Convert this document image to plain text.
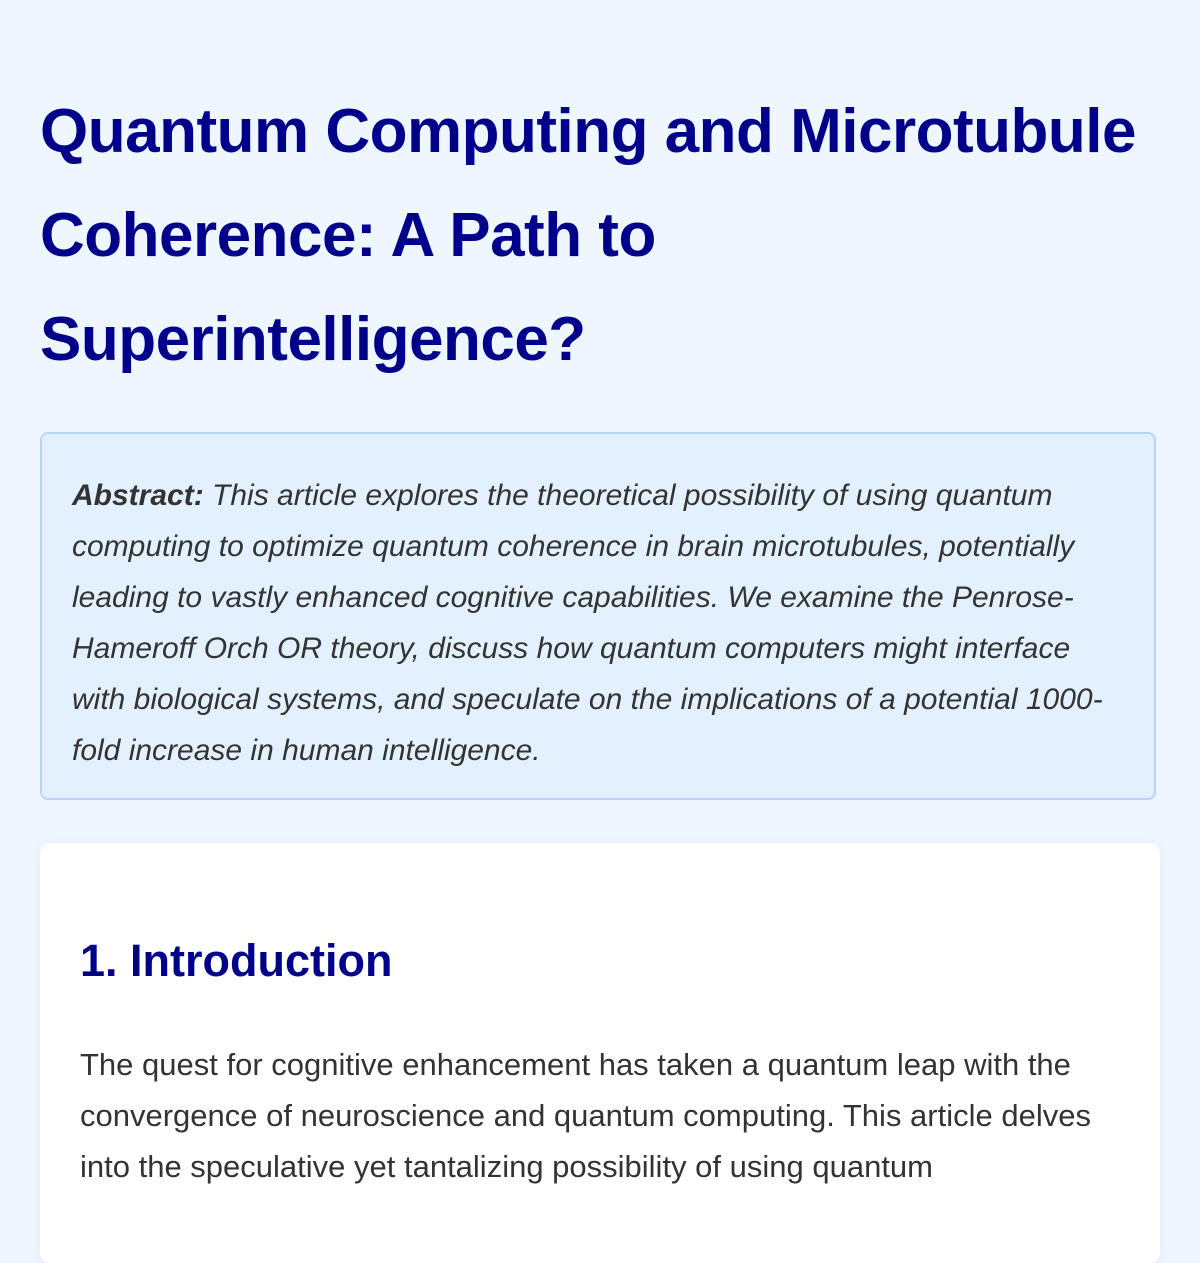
Quantum Computing and Microtubule Coherence: A Path to Superintelligence?
Abstract: This article explores the theoretical possibility of using quantum computing to optimize quantum coherence in brain microtubules, potentially leading to vastly enhanced cognitive capabilities. We examine the Penrose-Hameroff Orch OR theory, discuss how quantum computers might interface with biological systems, and speculate on the implications of a potential 1000-fold increase in human intelligence.
1. Introduction

The quest for cognitive enhancement has taken a quantum leap with the convergence of neuroscience and quantum computing. This article delves into the speculative yet tantalizing possibility of using quantum
